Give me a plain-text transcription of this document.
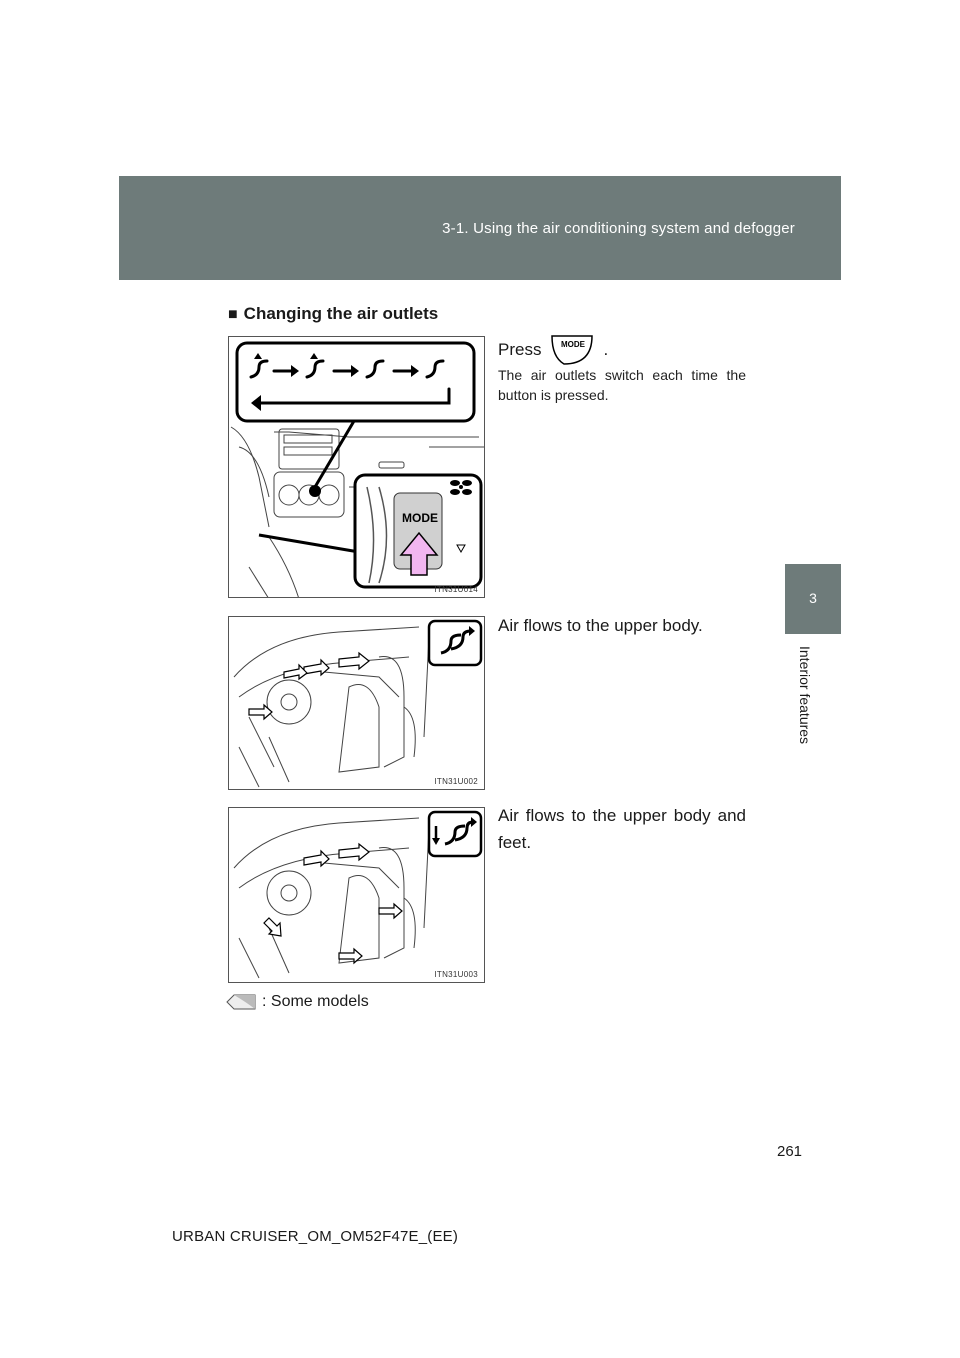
3-1. Using the air conditioning system and defogger
3
Interior features
■ Changing the air outlets
MODE
ITN31U014
Press	MODE .
The air outlets switch each time the button is pressed.
ITN31U002
Air flows to the upper body.
ITN31U003
Air flows to the upper body and feet.
: Some models
261
URBAN CRUISER_OM_OM52F47E_(EE)
